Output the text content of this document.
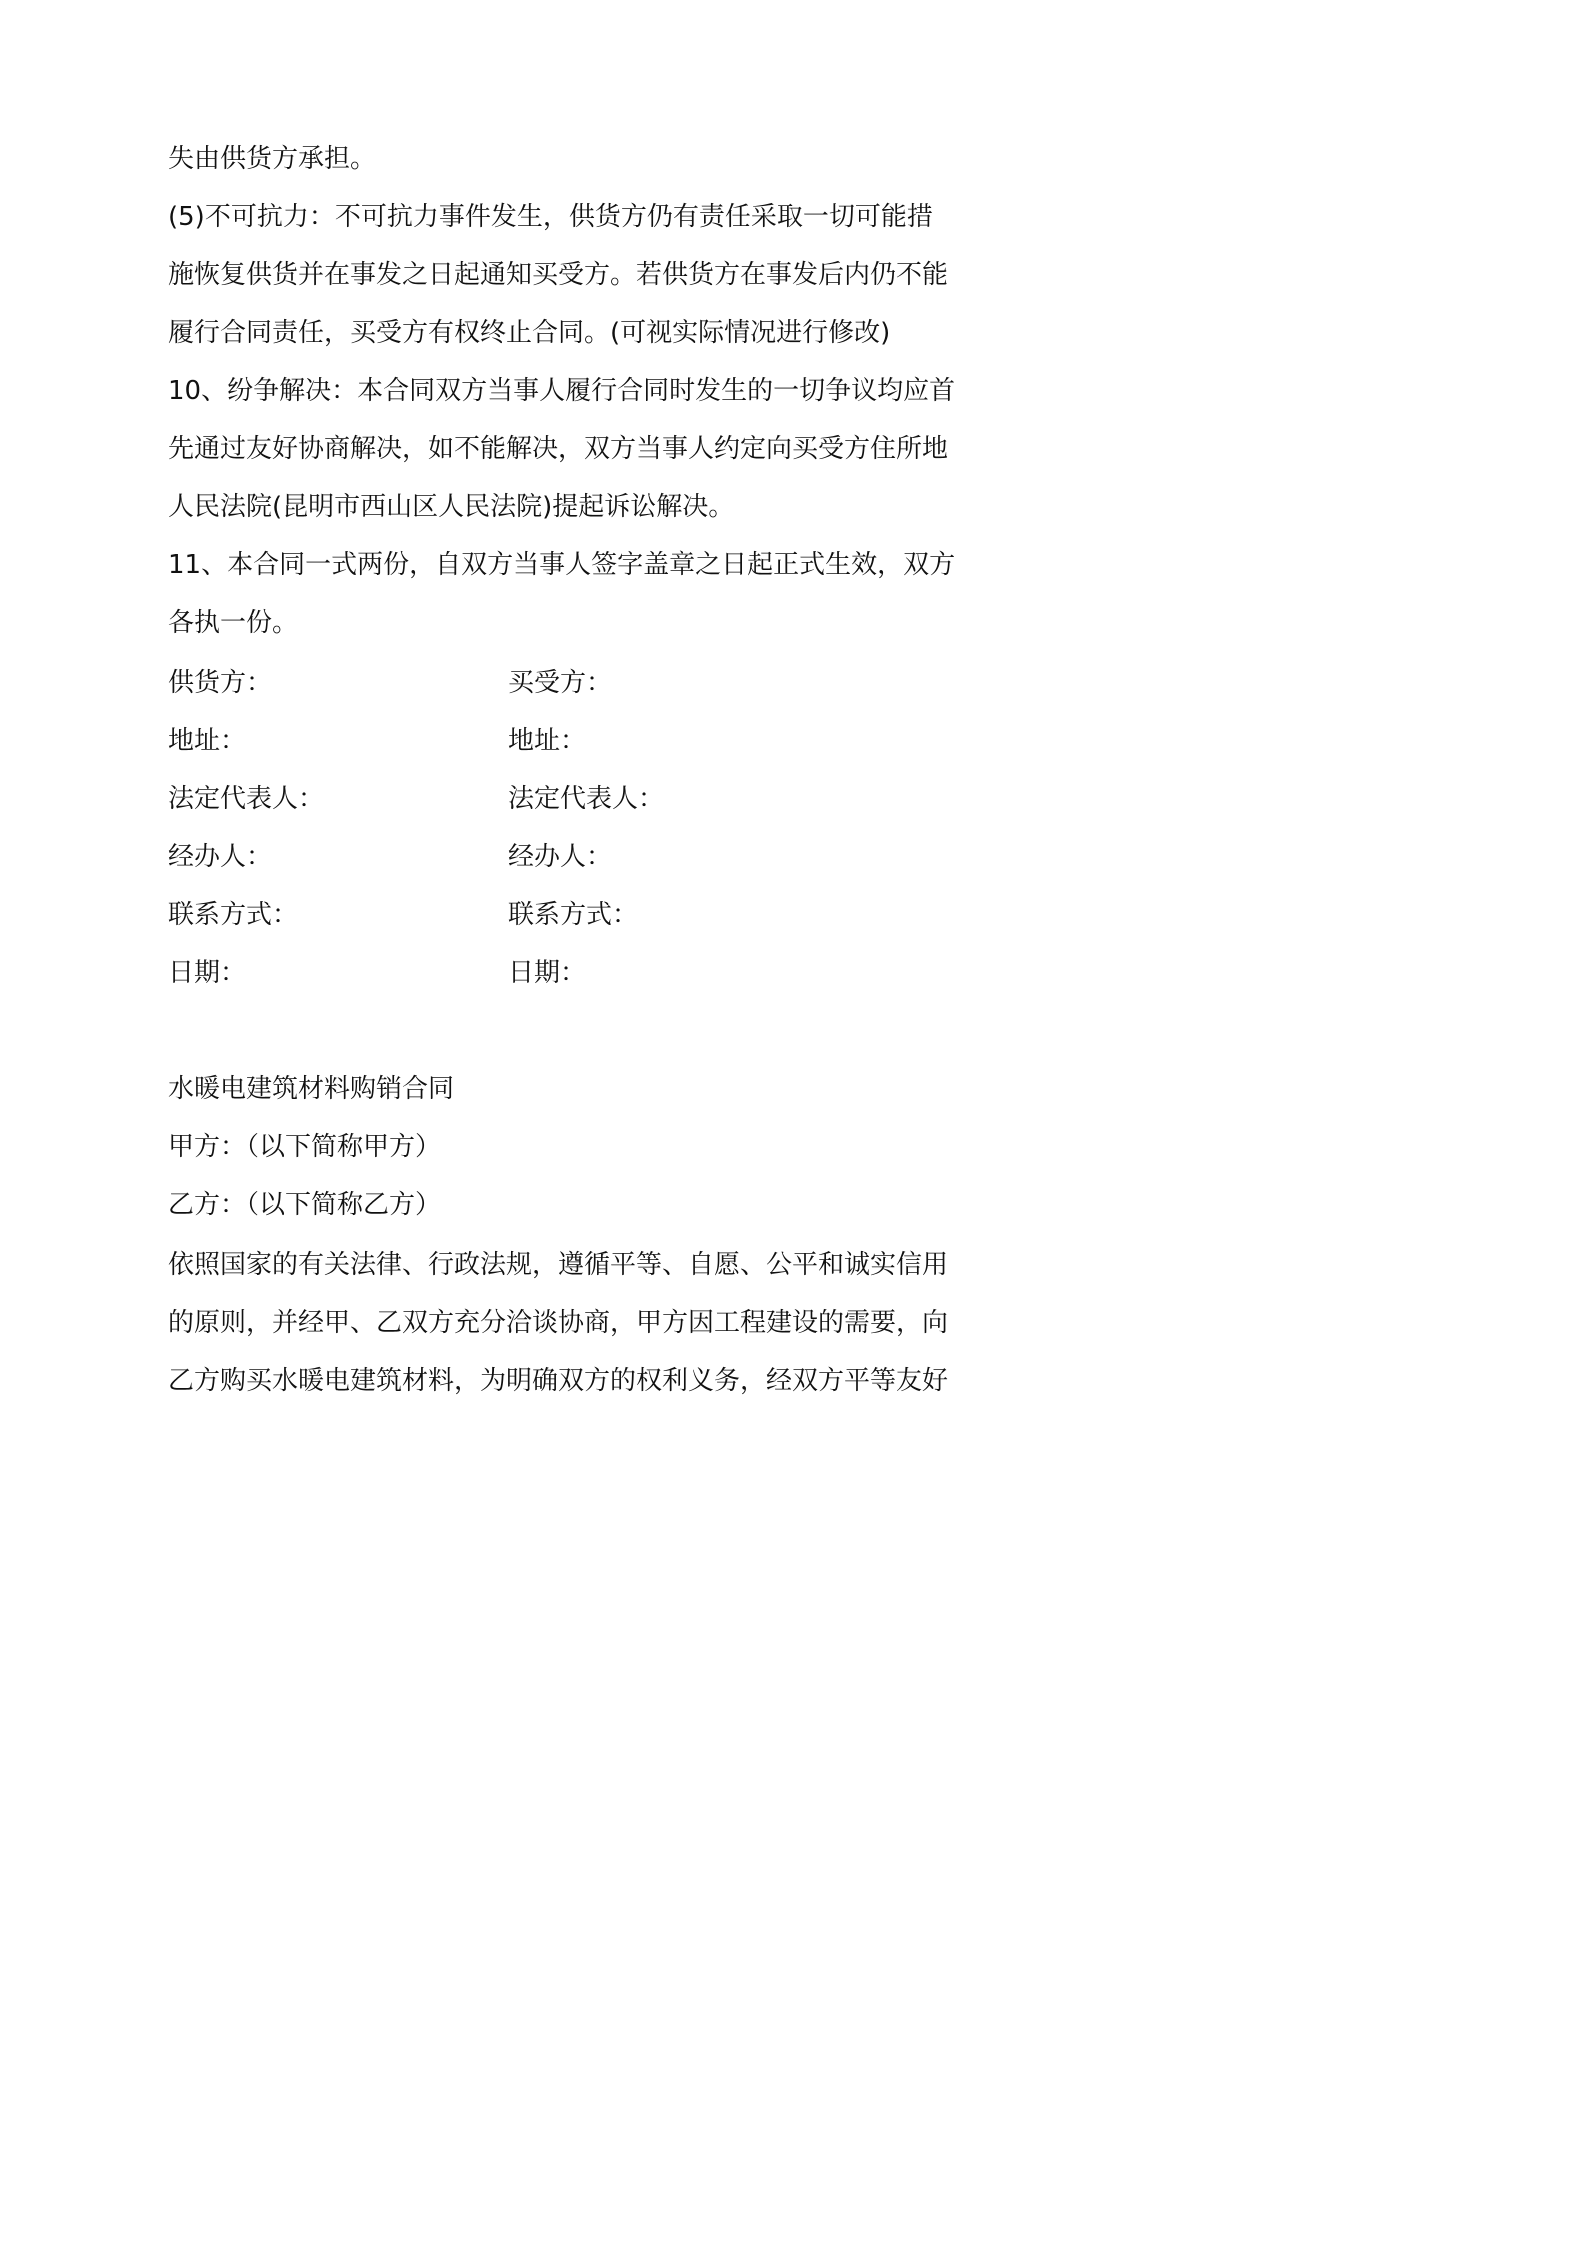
失由供货方承担。
(5)不可抗力：不可抗力事件发生，供货方仍有责任采取一切可能措
施恢复供货并在事发之日起通知买受方。若供货方在事发后内仍不能
履行合同责任，买受方有权终止合同。(可视实际情况进行修改)
10、纷争解决：本合同双方当事人履行合同时发生的一切争议均应首
先通过友好协商解决，如不能解决，双方当事人约定向买受方住所地
人民法院(昆明市西山区人民法院)提起诉讼解决。
11、本合同一式两份，自双方当事人签字盖章之日起正式生效，双方
各执一份。
供货方：
地址：
法定代表人：
经办人：
联系方式：
日期：
买受方：
地址：
法定代表人：
经办人：
联系方式：
日期：
水暖电建筑材料购销合同
甲方：（以下简称甲方）
乙方：（以下简称乙方）
依照国家的有关法律、行政法规，遵循平等、自愿、公平和诚实信用
的原则，并经甲、乙双方充分洽谈协商，甲方因工程建设的需要，向
乙方购买水暖电建筑材料，为明确双方的权利义务，经双方平等友好
